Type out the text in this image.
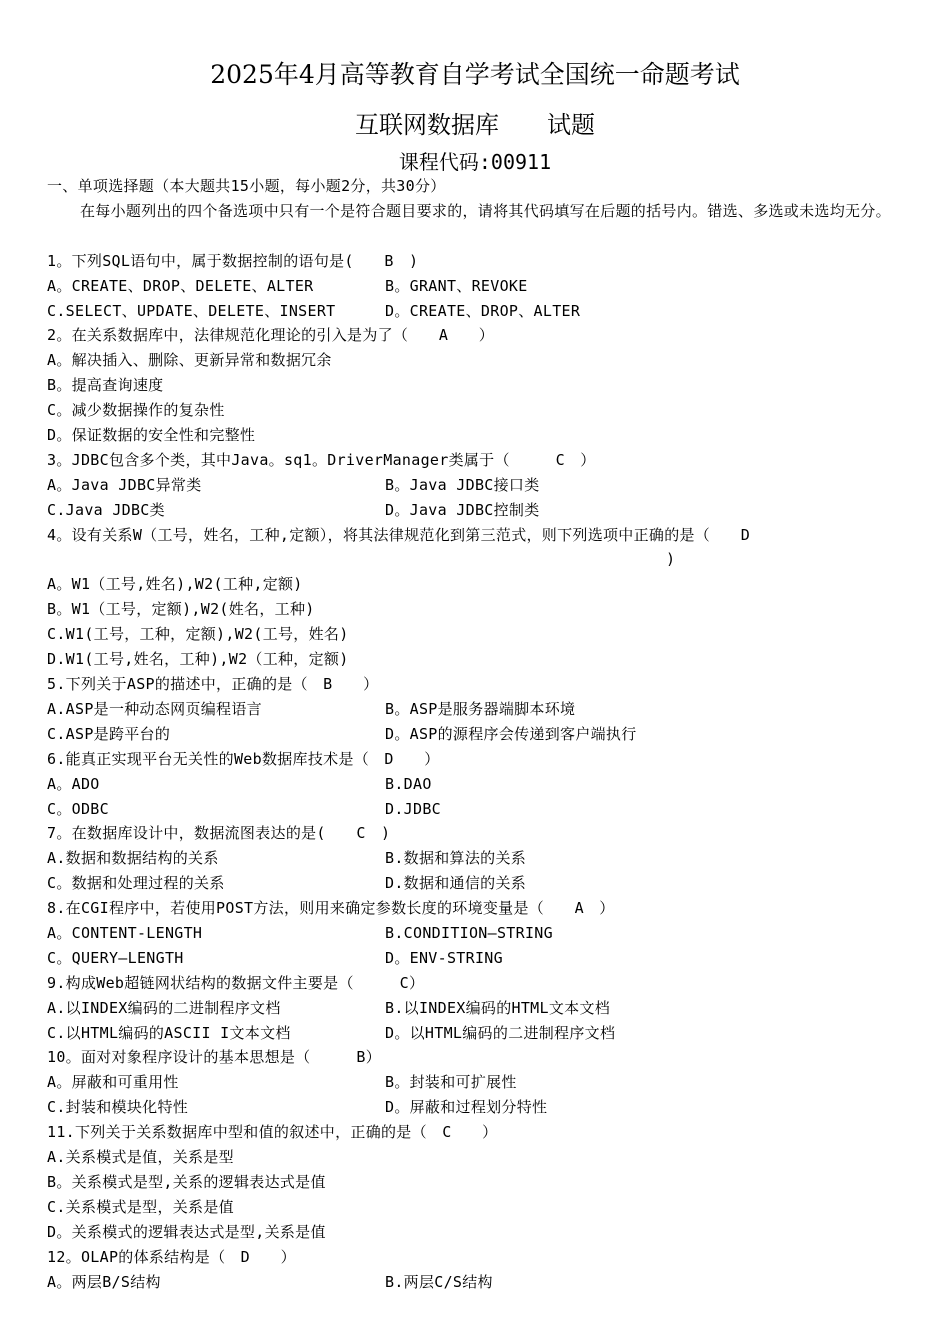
2025年4月高等教育自学考试全国统一命题考试
互联网数据库　　试题
课程代码:00911
一、单项选择题（本大题共15小题，每小题2分，共30分）
在每小题列出的四个备选项中只有一个是符合题目要求的，请将其代码填写在后题的括号内。错选、多选或未选均无分。
1。下列SQL语句中，属于数据控制的语句是(　　B　)
A。CREATE、DROP、DELETE、ALTER	B。GRANT、REVOKE
C.SELECT、UPDATE、DELETE、INSERT	D。CREATE、DROP、ALTER
2。在关系数据库中，法律规范化理论的引入是为了（　　A　　）
A。解决插入、删除、更新异常和数据冗余
B。提高查询速度
C。减少数据操作的复杂性
D。保证数据的安全性和完整性
3。JDBC包含多个类，其中Java。sq1。DriverManager类属于（　　　C　）
A。Java JDBC异常类	B。Java JDBC接口类
C.Java JDBC类	D。Java JDBC控制类
4。设有关系W（工号，姓名，工种,定额），将其法律规范化到第三范式，则下列选项中正确的是（　　D
)
A。W1（工号,姓名),W2(工种,定额)
B。W1（工号，定额),W2(姓名，工种)
C.W1(工号，工种，定额),W2(工号，姓名)
D.W1(工号,姓名，工种),W2（工种，定额)
5.下列关于ASP的描述中，正确的是（　B　　）
A.ASP是一种动态网页编程语言	B。ASP是服务器端脚本环境
C.ASP是跨平台的	D。ASP的源程序会传递到客户端执行
6.能真正实现平台无关性的Web数据库技术是（　D　　）
A。ADO	B.DAO
C。ODBC	D.JDBC
7。在数据库设计中，数据流图表达的是(　　C　)
A.数据和数据结构的关系	B.数据和算法的关系
C。数据和处理过程的关系	D.数据和通信的关系
8.在CGI程序中，若使用POST方法，则用来确定参数长度的环境变量是（　　A　）
A。CONTENT-LENGTH	B.CONDITION—STRING
C。QUERY—LENGTH	D。ENV-STRING
9.构成Web超链网状结构的数据文件主要是（　　　C）
A.以INDEX编码的二进制程序文档	B.以INDEX编码的HTML文本文档
C.以HTML编码的ASCII I文本文档	D。以HTML编码的二进制程序文档
10。面对对象程序设计的基本思想是（　　　B）
A。屏蔽和可重用性	B。封装和可扩展性
C.封装和模块化特性	D。屏蔽和过程划分特性
11.下列关于关系数据库中型和值的叙述中，正确的是（　C　　）
A.关系模式是值，关系是型
B。关系模式是型,关系的逻辑表达式是值
C.关系模式是型，关系是值
D。关系模式的逻辑表达式是型,关系是值
12。OLAP的体系结构是（　D　　）
A。两层B/S结构	B.两层C/S结构
